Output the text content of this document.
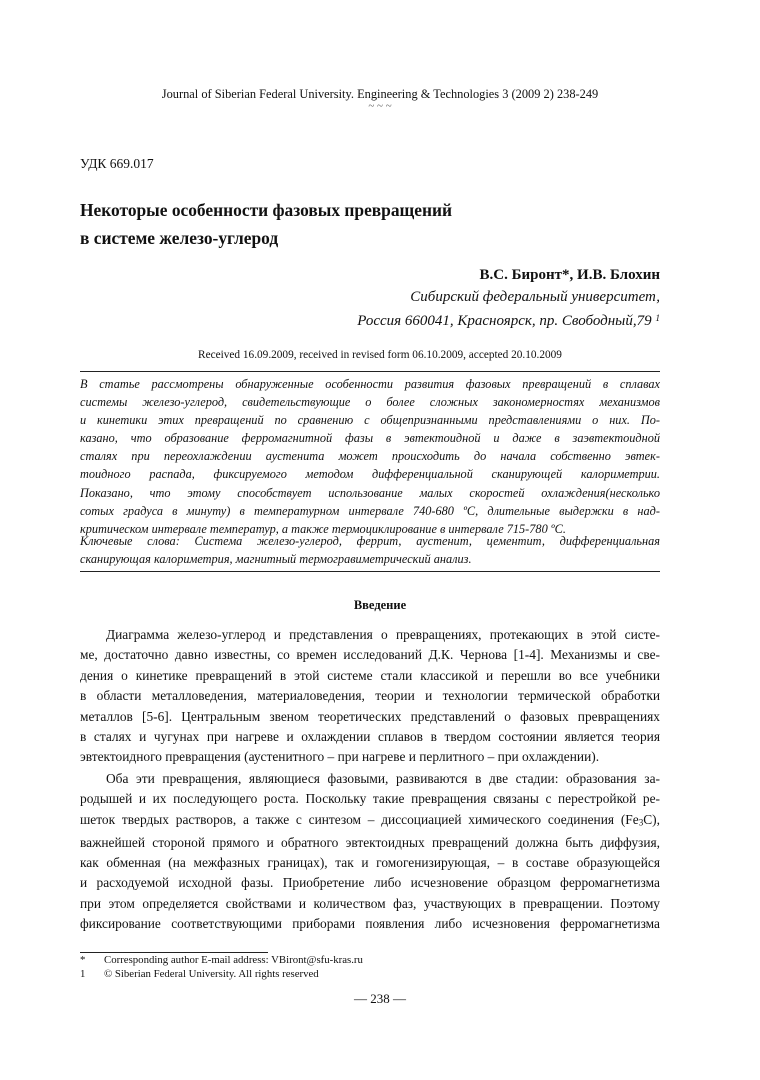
Journal of Siberian Federal University. Engineering & Technologies 3 (2009 2) 238-249
~ ~ ~
УДК 669.017
Некоторые особенности фазовых превращений
в системе железо-углерод
В.С. Биронт*, И.В. Блохин
Сибирский федеральный университет,
Россия 660041, Красноярск, пр. Свободный,79 $^1$
Received 16.09.2009, received in revised form 06.10.2009, accepted 20.10.2009
В статье рассмотрены обнаруженные особенности развития фазовых превращений в сплавах
системы железо-углерод, свидетельствующие о более сложных закономерностях механизмов
и кинетики этих превращений по сравнению с общепризнанными представлениями о них. По-
казано, что образование ферромагнитной фазы в эвтектоидной и даже в заэвтектоидной
сталях при переохлаждении аустенита может происходить до начала собственно эвтек-
тоидного распада, фиксируемого методом дифференциальной сканирующей калориметрии.
Показано, что этому способствует использование малых скоростей охлаждения(несколько
сотых градуса в минуту) в температурном интервале 740-680 ºС, длительные выдержки в над-
критическом интервале температур, а также термоциклирование в интервале 715-780 ºС.
Ключевые слова: Система железо-углерод, феррит, аустенит, цементит, дифференциальная
сканирующая калориметрия, магнитный термогравиметрический анализ.
Введение
Диаграмма железо-углерод и представления о превращениях, протекающих в этой систе-
ме, достаточно давно известны, со времен исследований Д.К. Чернова [1-4]. Механизмы и све-
дения о кинетике превращений в этой системе стали классикой и перешли во все учебники
в области металловедения, материаловедения, теории и технологии термической обработки
металлов [5-6]. Центральным звеном теоретических представлений о фазовых превращениях
в сталях и чугунах при нагреве и охлаждении сплавов в твердом состоянии является теория
эвтектоидного превращения (аустенитного – при нагреве и перлитного – при охлаждении).
Оба эти превращения, являющиеся фазовыми, развиваются в две стадии: образования за-
родышей и их последующего роста. Поскольку такие превращения связаны с перестройкой ре-
шеток твердых растворов, а также с синтезом – диссоциацией химического соединения $(Fe_3C)$,
важнейшей стороной прямого и обратного эвтектоидных превращений должна быть диффузия,
как обменная (на межфазных границах), так и гомогенизирующая, – в составе образующейся
и расходуемой исходной фазы. Приобретение либо исчезновение образцом ферромагнетизма
при этом определяется свойствами и количеством фаз, участвующих в превращении. Поэтому
фиксирование соответствующими приборами появления либо исчезновения ферромагнетизма
* Corresponding author E-mail address: VBiront@sfu-kras.ru
1 © Siberian Federal University. All rights reserved
— 238 —
